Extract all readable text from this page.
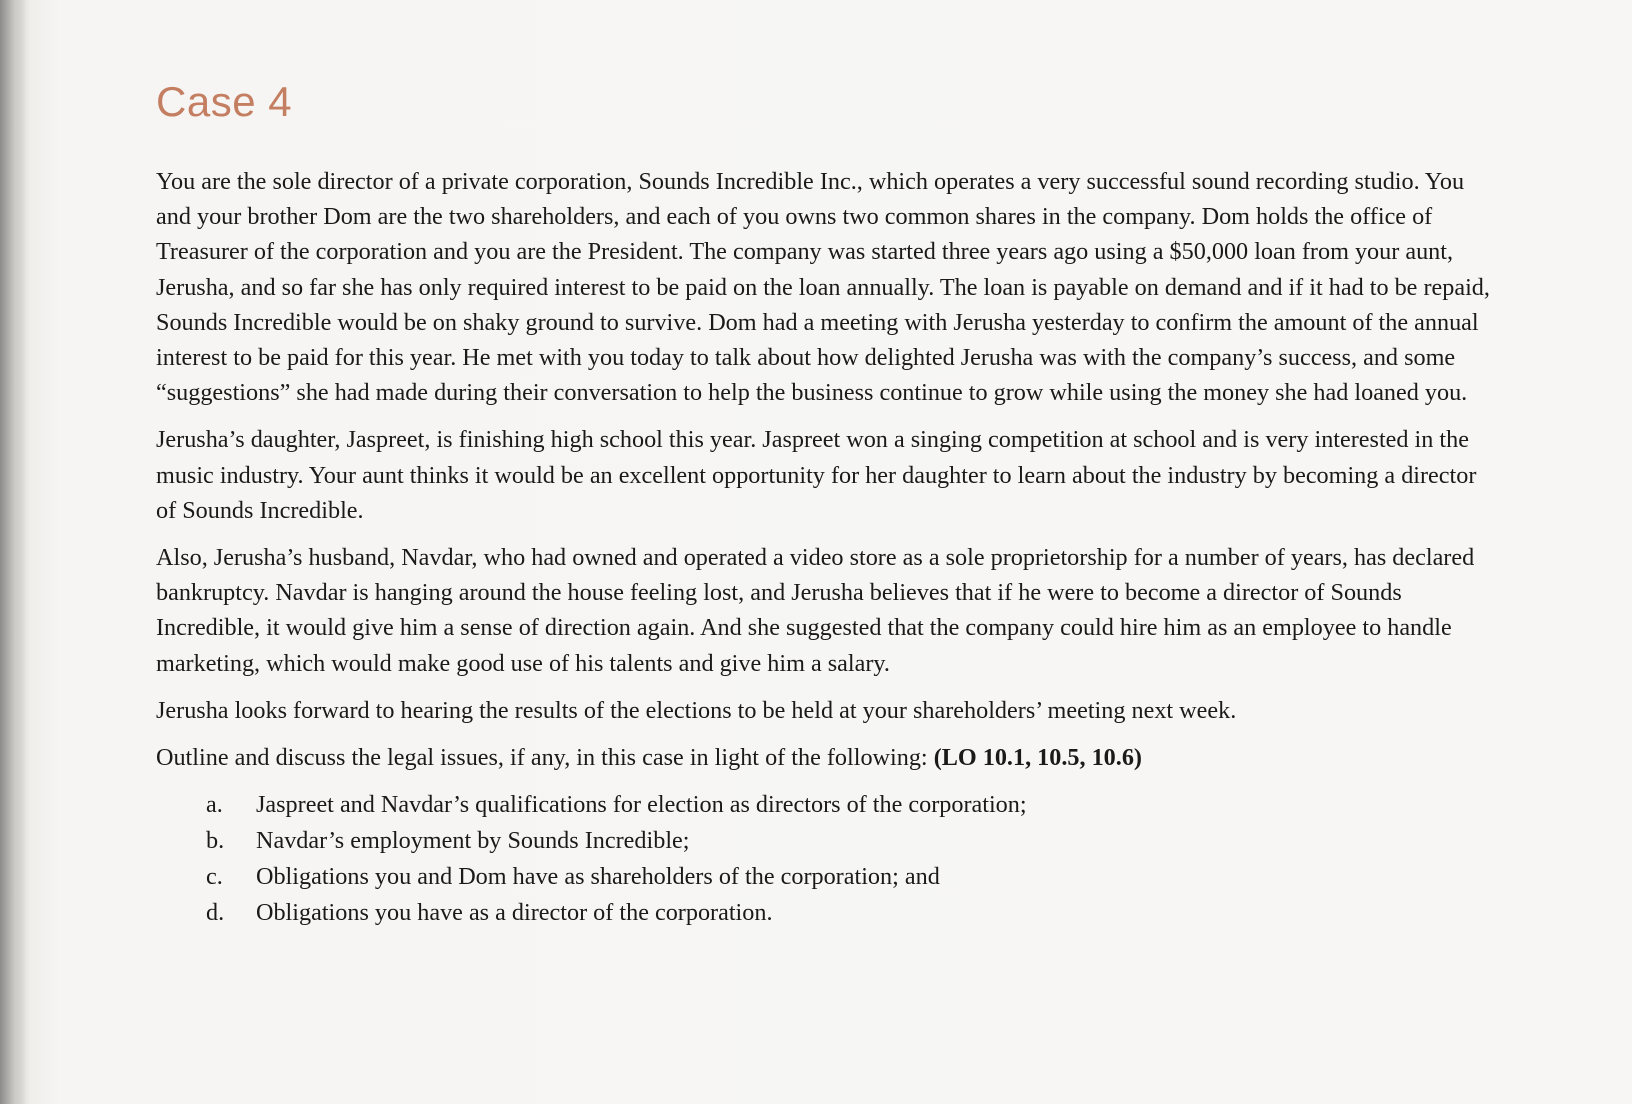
Case 4

You are the sole director of a private corporation, Sounds Incredible Inc., which operates a very successful sound recording studio. You and your brother Dom are the two shareholders, and each of you owns two common shares in the company. Dom holds the office of Treasurer of the corporation and you are the President. The company was started three years ago using a $50,000 loan from your aunt, Jerusha, and so far she has only required interest to be paid on the loan annually. The loan is payable on demand and if it had to be repaid, Sounds Incredible would be on shaky ground to survive. Dom had a meeting with Jerusha yesterday to confirm the amount of the annual interest to be paid for this year. He met with you today to talk about how delighted Jerusha was with the company’s success, and some “suggestions” she had made during their conversation to help the business continue to grow while using the money she had loaned you.

Jerusha’s daughter, Jaspreet, is finishing high school this year. Jaspreet won a singing competition at school and is very interested in the music industry. Your aunt thinks it would be an excellent opportunity for her daughter to learn about the industry by becoming a director of Sounds Incredible.

Also, Jerusha’s husband, Navdar, who had owned and operated a video store as a sole proprietorship for a number of years, has declared bankruptcy. Navdar is hanging around the house feeling lost, and Jerusha believes that if he were to become a director of Sounds Incredible, it would give him a sense of direction again. And she suggested that the company could hire him as an employee to handle marketing, which would make good use of his talents and give him a salary.

Jerusha looks forward to hearing the results of the elections to be held at your shareholders’ meeting next week.

Outline and discuss the legal issues, if any, in this case in light of the following: (LO 10.1, 10.5, 10.6)

a.	Jaspreet and Navdar’s qualifications for election as directors of the corporation;
b.	Navdar’s employment by Sounds Incredible;
c.	Obligations you and Dom have as shareholders of the corporation; and
d.	Obligations you have as a director of the corporation.
